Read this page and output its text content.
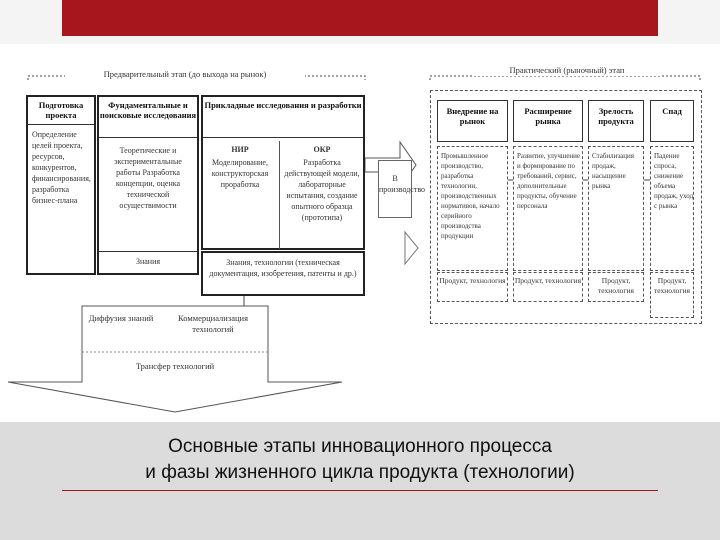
Предварительный этап (до выхода на рынок)	Практический (рыночный) этап
Подготовка проекта
Определение целей проекта, ресурсов, конкурентов, финансирования, разработка бизнес-плана
Фундаментальные и поисковые исследования
Теоретические и экспериментальные работы Разработка концепции, оценка технической осуществимости
Знания
Прикладные исследования и разработки
НИР
Моделирование, конструкторская проработка
ОКР
Разработка действующей модели, лабораторные испытания, создание опытного образца (прототипа)
Знания, технологии (техническая документация, изобретения, патенты и др.)
В производство
Внедрение на рынок
Промышленное производство, разработка технологии, производственных нормативов, начало серийного производства продукции
Продукт, технология
Расширение рынка
Развитие, улучшение и формирование по требований, сервис, дополнительные продукты, обучение персонала
Продукт, технология
Зрелость продукта
Стабилизация продаж, насыщение рынка
Продукт, технология
Спад
Падение спроса, снижение объема продаж, уход с рынка
Продукт, технология
Диффузия знаний	Коммерциализация технологий
Трансфер технологий
Основные этапы инновационного процесса
и фазы жизненного цикла продукта (технологии)
